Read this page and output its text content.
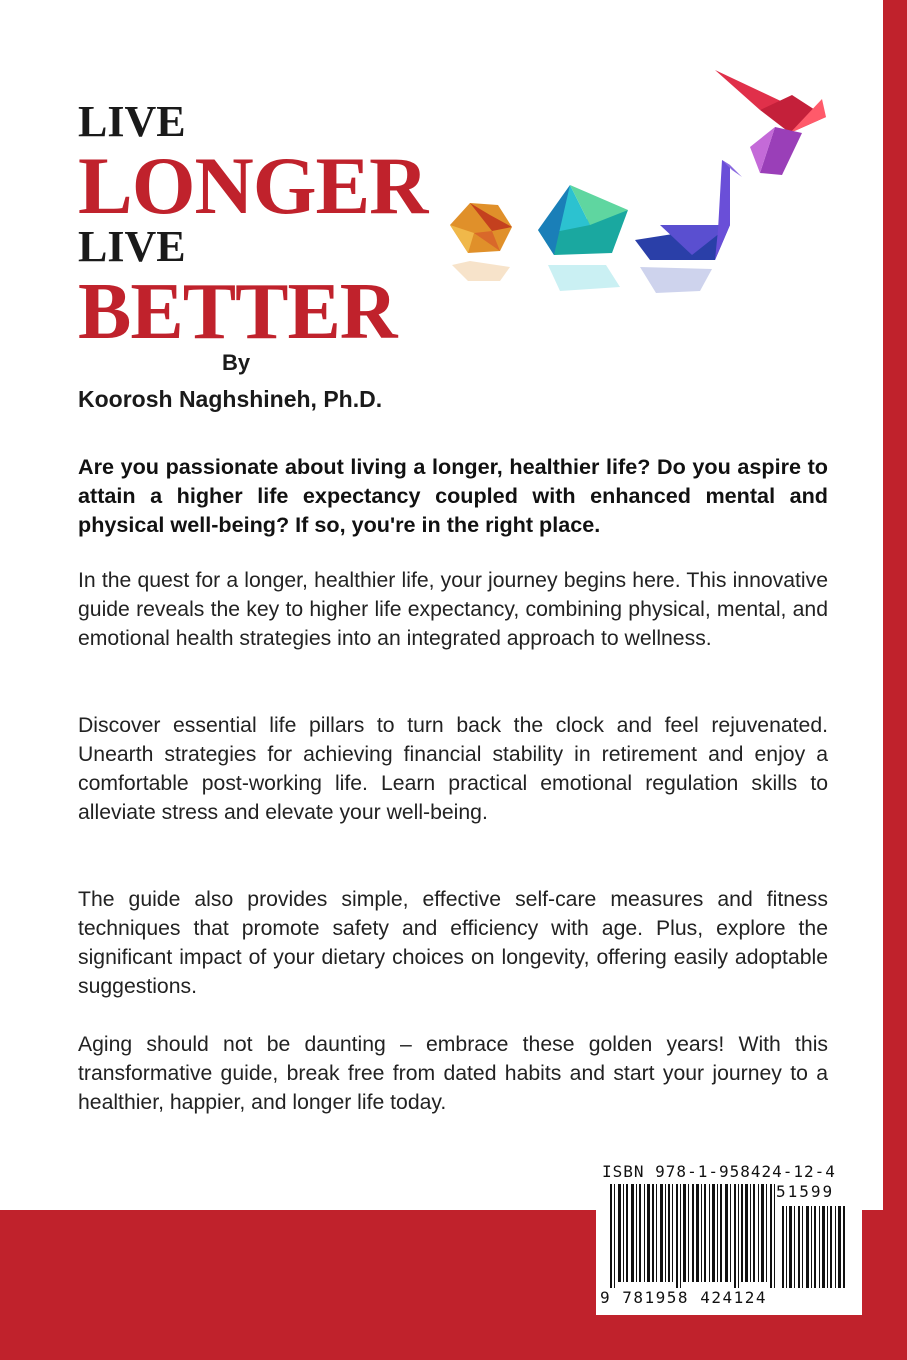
LIVE
LONGER
LIVE
BETTER
By
Koorosh Naghshineh, Ph.D.

Are you passionate about living a longer, healthier life? Do you aspire to attain a higher life expectancy coupled with enhanced mental and physical well-being? If so, you're in the right place.

In the quest for a longer, healthier life, your journey begins here. This innovative guide reveals the key to higher life expectancy, combining physical, mental, and emotional health strategies into an integrated approach to wellness.

Discover essential life pillars to turn back the clock and feel rejuvenated. Unearth strategies for achieving financial stability in retirement and enjoy a comfortable post-working life. Learn practical emotional regulation skills to alleviate stress and elevate your well-being.

The guide also provides simple, effective self-care measures and fitness techniques that promote safety and efficiency with age. Plus, explore the significant impact of your dietary choices on longevity, offering easily adoptable suggestions.

Aging should not be daunting – embrace these golden years! With this transformative guide, break free from dated habits and start your journey to a healthier, happier, and longer life today.

ISBN 978-1-958424-12-4
51599
9 781958 424124
